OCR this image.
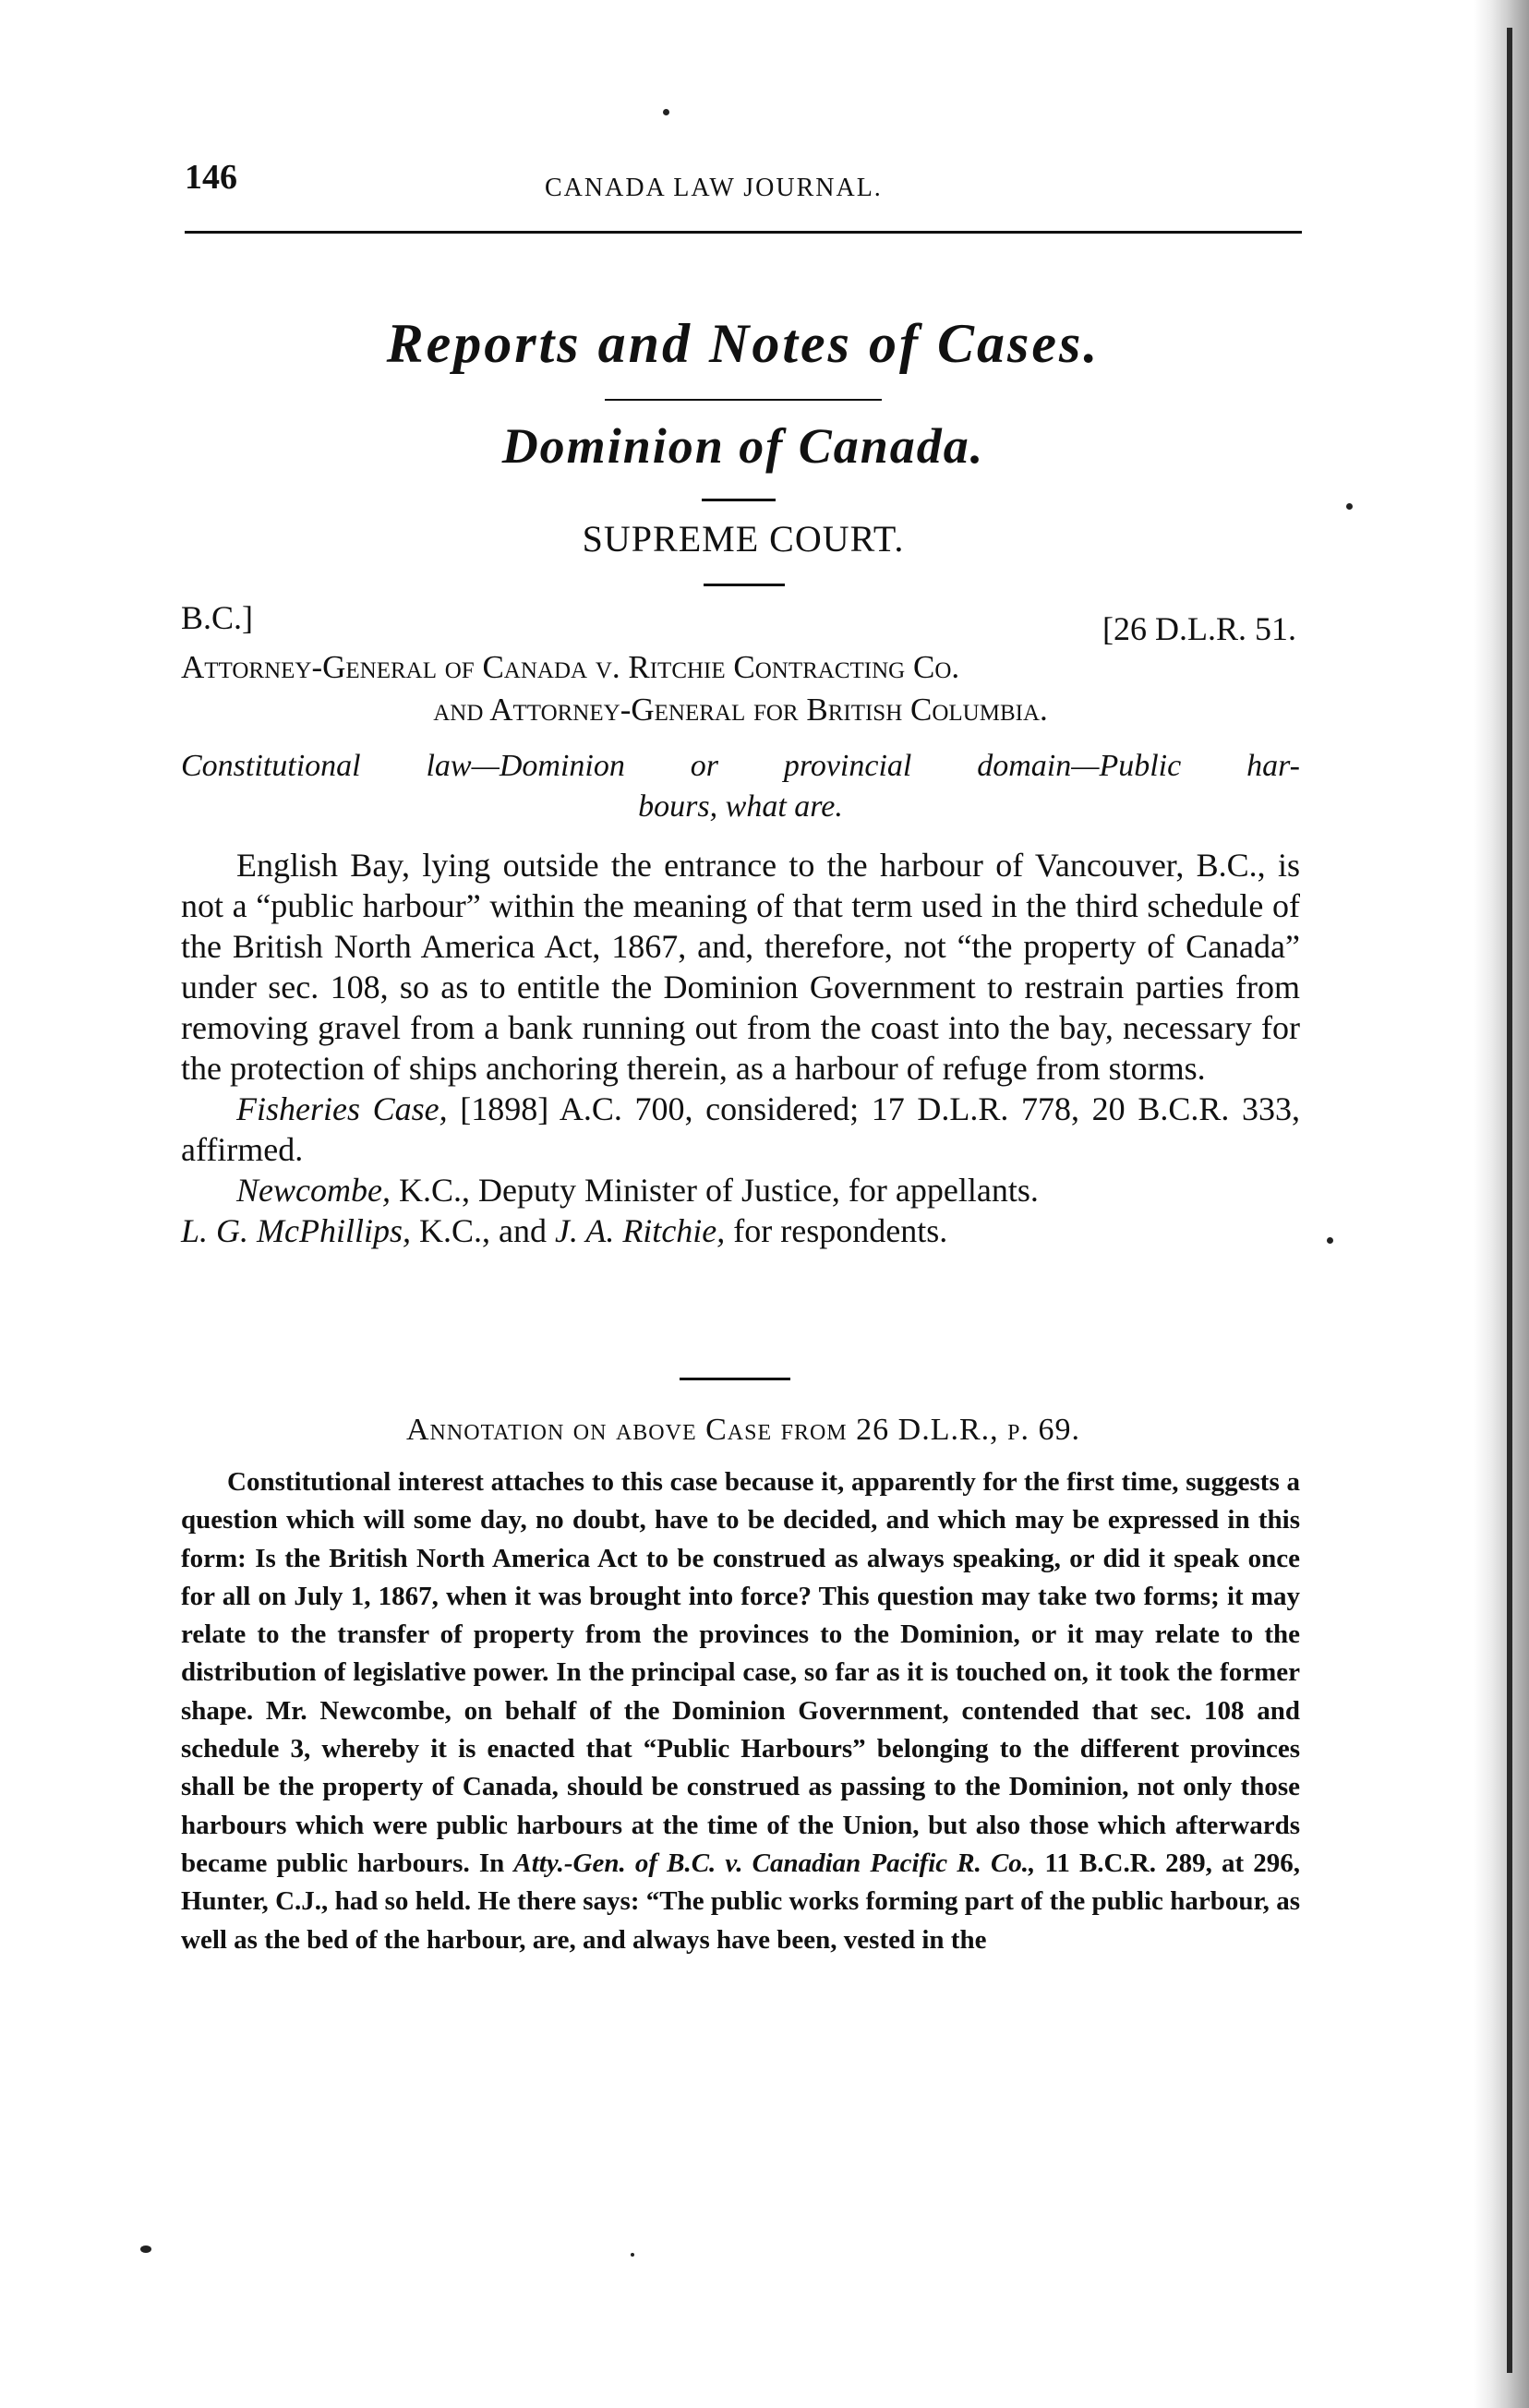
146	CANADA LAW JOURNAL.
Reports and Notes of Cases.
Dominion of Canada.
SUPREME COURT.
B.C.]	[26 D.L.R. 51.
Attorney-General of Canada v. Ritchie Contracting Co.
and Attorney-General for British Columbia.
Constitutional law—Dominion or provincial domain—Public har-
bours, what are.

English Bay, lying outside the entrance to the harbour of Vancouver, B.C., is not a “public harbour” within the meaning of that term used in the third schedule of the British North America Act, 1867, and, therefore, not “the property of Canada” under sec. 108, so as to entitle the Dominion Government to restrain parties from removing gravel from a bank running out from the coast into the bay, necessary for the protection of ships anchoring therein, as a harbour of refuge from storms.

Fisheries Case, [1898] A.C. 700, considered; 17 D.L.R. 778, 20 B.C.R. 333, affirmed.

Newcombe, K.C., Deputy Minister of Justice, for appellants.

L. G. McPhillips, K.C., and J. A. Ritchie, for respondents.

Annotation on above Case from 26 D.L.R., p. 69.

Constitutional interest attaches to this case because it, apparently for the first time, suggests a question which will some day, no doubt, have to be decided, and which may be expressed in this form: Is the British North America Act to be construed as always speaking, or did it speak once for all on July 1, 1867, when it was brought into force? This question may take two forms; it may relate to the transfer of property from the provinces to the Dominion, or it may relate to the distribution of legislative power. In the principal case, so far as it is touched on, it took the former shape. Mr. Newcombe, on behalf of the Dominion Government, contended that sec. 108 and schedule 3, whereby it is enacted that “Public Harbours” belonging to the different provinces shall be the property of Canada, should be construed as passing to the Dominion, not only those harbours which were public harbours at the time of the Union, but also those which afterwards became public harbours. In Atty.-Gen. of B.C. v. Canadian Pacific R. Co., 11 B.C.R. 289, at 296, Hunter, C.J., had so held. He there says: “The public works forming part of the public harbour, as well as the bed of the harbour, are, and always have been, vested in the
